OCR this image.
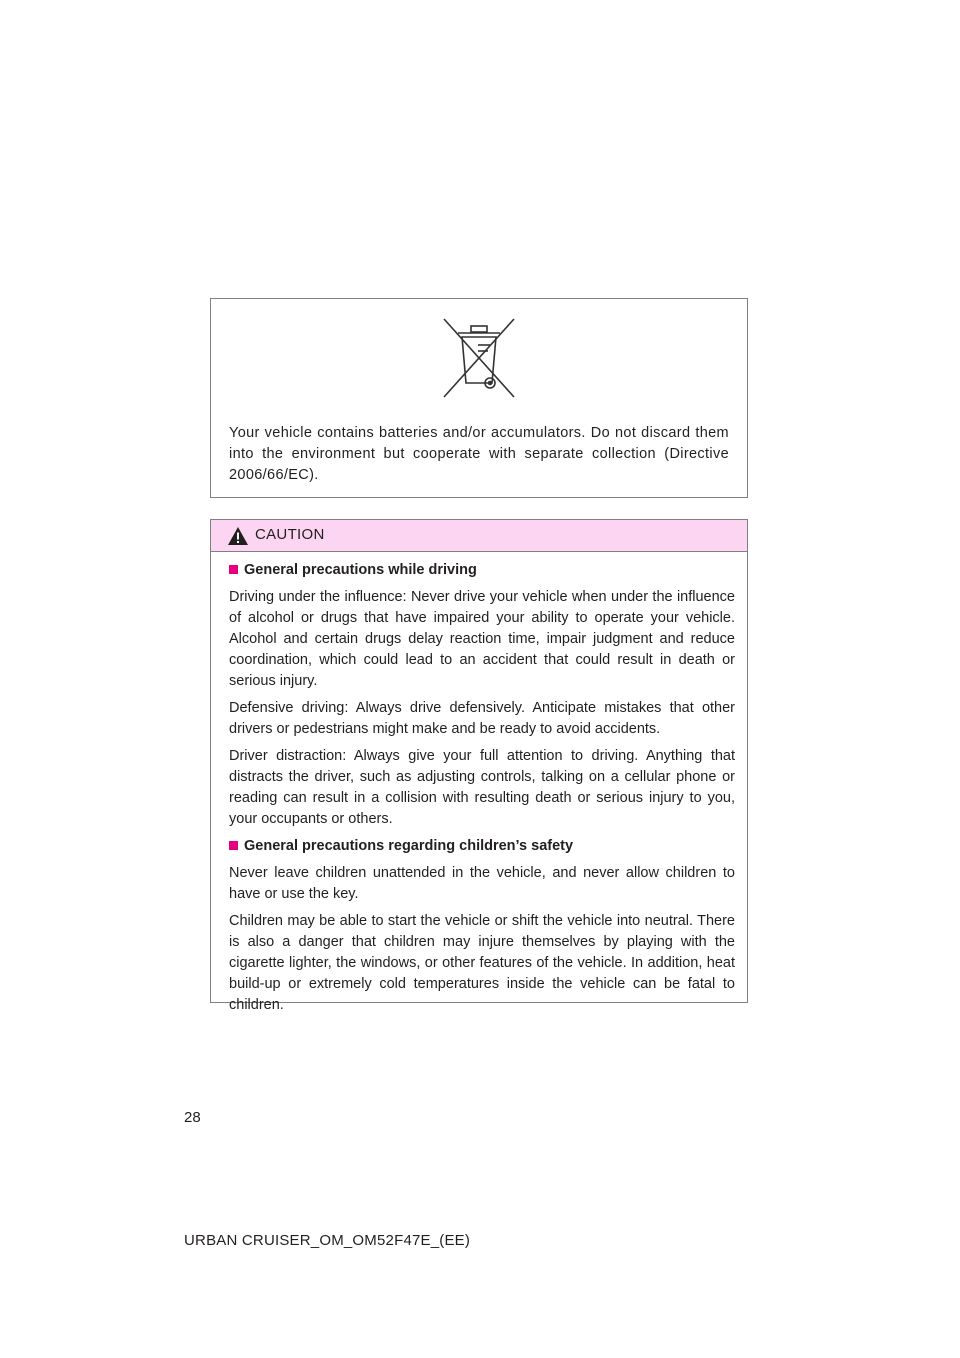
Your vehicle contains batteries and/or accumulators. Do not discard them into the environment but cooperate with separate collection (Directive 2006/66/EC).

CAUTION
General precautions while driving

Driving under the influence: Never drive your vehicle when under the influence of alcohol or drugs that have impaired your ability to operate your vehicle. Alcohol and certain drugs delay reaction time, impair judgment and reduce coordination, which could lead to an accident that could result in death or serious injury.

Defensive driving: Always drive defensively. Anticipate mistakes that other drivers or pedestrians might make and be ready to avoid accidents.

Driver distraction: Always give your full attention to driving. Anything that distracts the driver, such as adjusting controls, talking on a cellular phone or reading can result in a collision with resulting death or serious injury to you, your occupants or others.

General precautions regarding children’s safety

Never leave children unattended in the vehicle, and never allow children to have or use the key.

Children may be able to start the vehicle or shift the vehicle into neutral. There is also a danger that children may injure themselves by playing with the cigarette lighter, the windows, or other features of the vehicle. In addition, heat build-up or extremely cold temperatures inside the vehicle can be fatal to children.

28
URBAN CRUISER_OM_OM52F47E_(EE)
